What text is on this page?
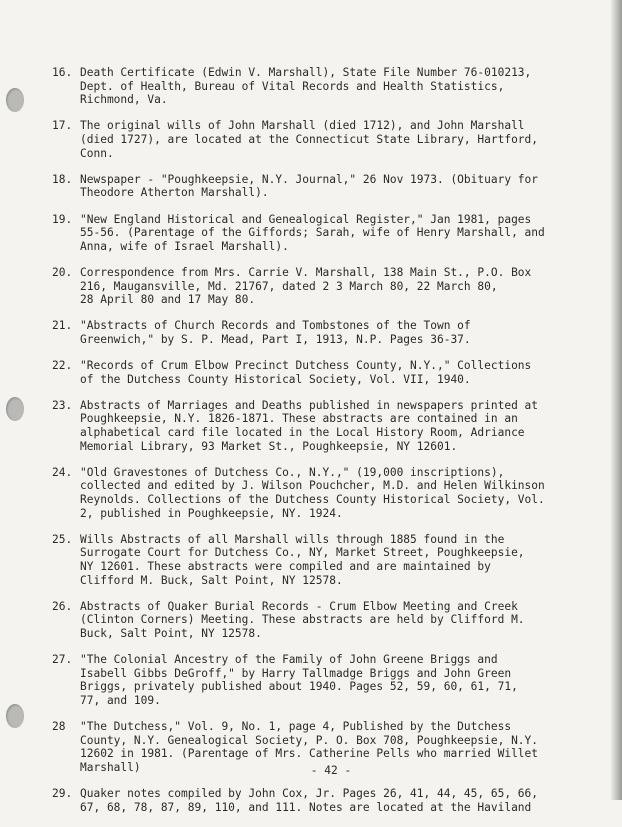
16. Death Certificate (Edwin V. Marshall), State File Number 76-010213,
Dept. of Health, Bureau of Vital Records and Health Statistics,
Richmond, Va.
17. The original wills of John Marshall (died 1712), and John Marshall
(died 1727), are located at the Connecticut State Library, Hartford,
Conn.
18. Newspaper - "Poughkeepsie, N.Y. Journal," 26 Nov 1973. (Obituary for
Theodore Atherton Marshall).
19. "New England Historical and Genealogical Register," Jan 1981, pages
55-56. (Parentage of the Giffords; Sarah, wife of Henry Marshall, and
Anna, wife of Israel Marshall).
20. Correspondence from Mrs. Carrie V. Marshall, 138 Main St., P.O. Box
216, Maugansville, Md. 21767, dated 2 3 March 80, 22 March 80,
28 April 80 and 17 May 80.
21. "Abstracts of Church Records and Tombstones of the Town of
Greenwich," by S. P. Mead, Part I, 1913, N.P. Pages 36-37.
22. "Records of Crum Elbow Precinct Dutchess County, N.Y.," Collections
of the Dutchess County Historical Society, Vol. VII, 1940.
23. Abstracts of Marriages and Deaths published in newspapers printed at
Poughkeepsie, N.Y. 1826-1871. These abstracts are contained in an
alphabetical card file located in the Local History Room, Adriance
Memorial Library, 93 Market St., Poughkeepsie, NY 12601.
24. "Old Gravestones of Dutchess Co., N.Y.," (19,000 inscriptions),
collected and edited by J. Wilson Pouchcher, M.D. and Helen Wilkinson
Reynolds. Collections of the Dutchess County Historical Society, Vol.
2, published in Poughkeepsie, NY. 1924.
25. Wills Abstracts of all Marshall wills through 1885 found in the
Surrogate Court for Dutchess Co., NY, Market Street, Poughkeepsie,
NY 12601. These abstracts were compiled and are maintained by
Clifford M. Buck, Salt Point, NY 12578.
26. Abstracts of Quaker Burial Records - Crum Elbow Meeting and Creek
(Clinton Corners) Meeting. These abstracts are held by Clifford M.
Buck, Salt Point, NY 12578.
27. "The Colonial Ancestry of the Family of John Greene Briggs and
Isabell Gibbs DeGroff," by Harry Tallmadge Briggs and John Green
Briggs, privately published about 1940. Pages 52, 59, 60, 61, 71,
77, and 109.
28	"The Dutchess," Vol. 9, No. 1, page 4, Published by the Dutchess
County, N.Y. Genealogical Society, P. O. Box 708, Poughkeepsie, N.Y.
12602 in 1981. (Parentage of Mrs. Catherine Pells who married Willet
Marshall)
29. Quaker notes compiled by John Cox, Jr. Pages 26, 41, 44, 45, 65, 66,
67, 68, 78, 87, 89, 110, and 111. Notes are located at the Haviland
- 42 -
